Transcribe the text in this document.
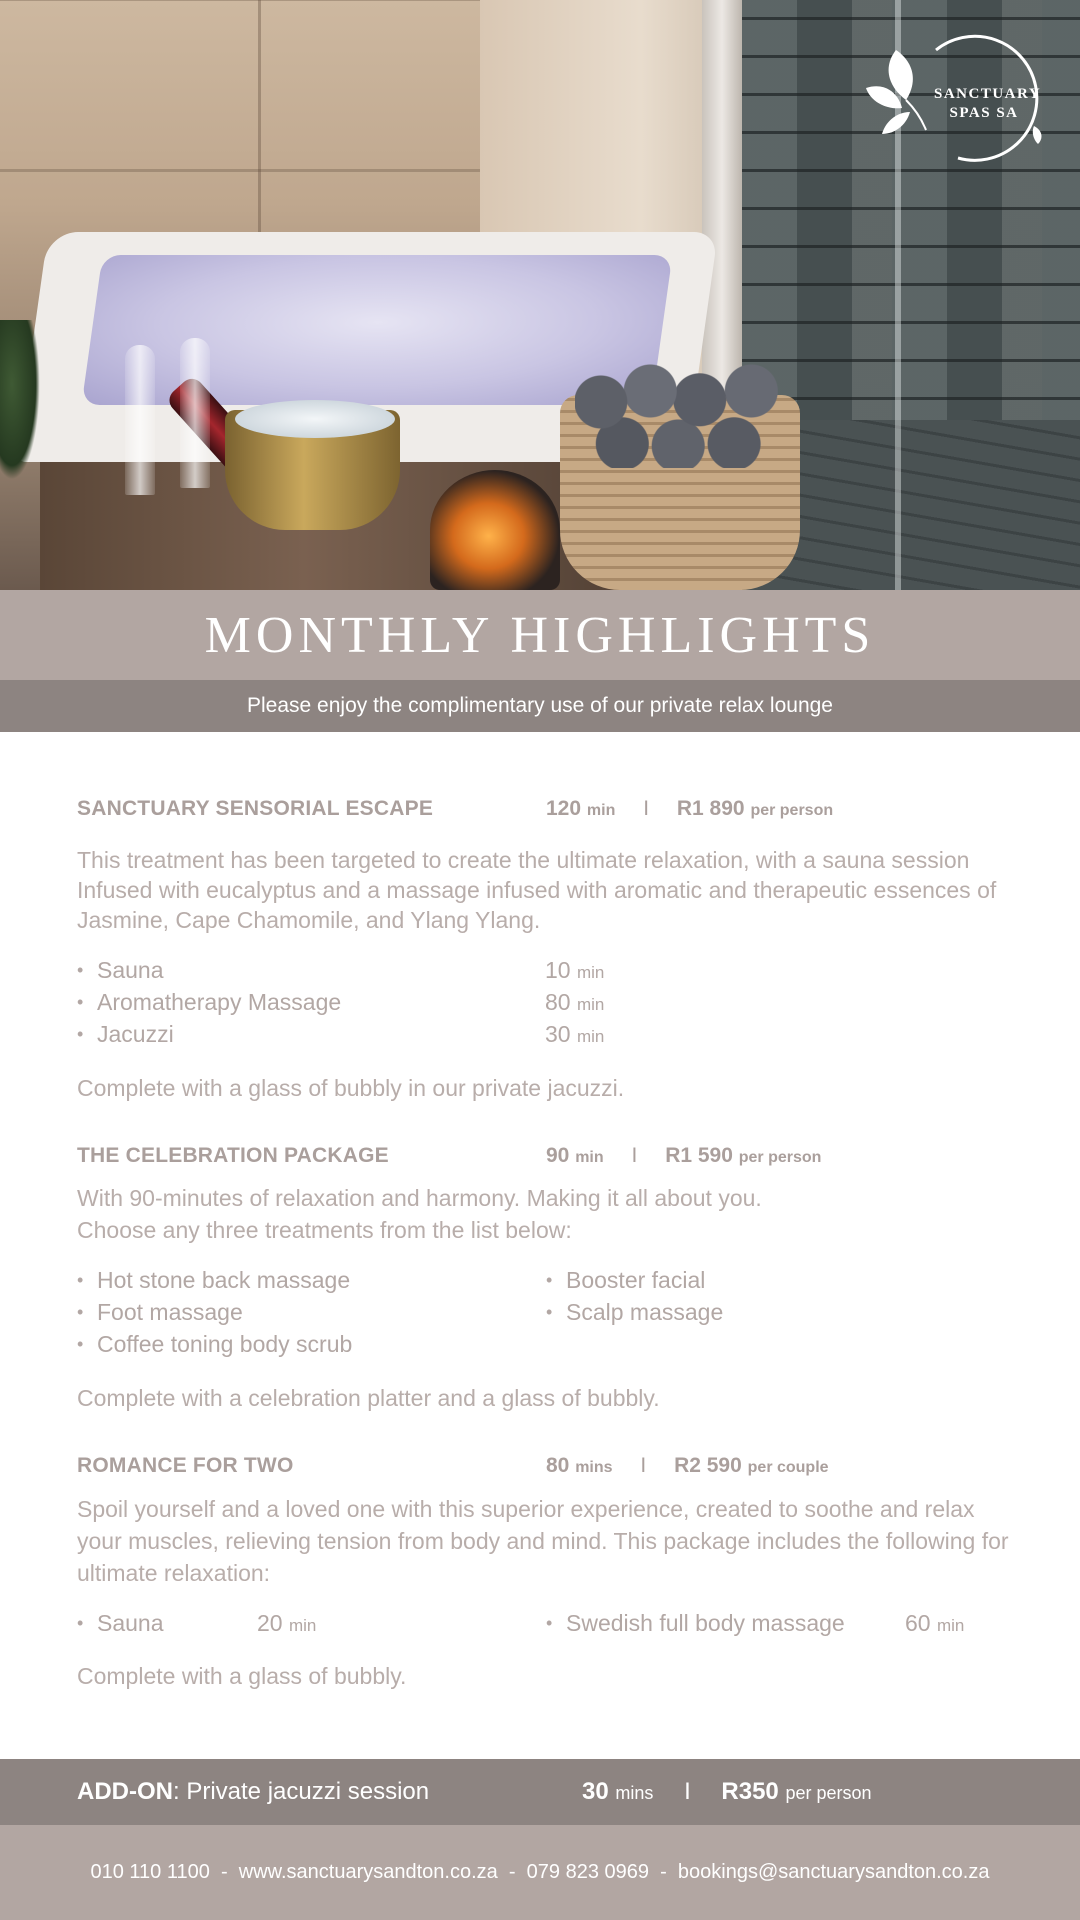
SANCTUARY
SPAS SA
MONTHLY HIGHLIGHTS

Please enjoy the complimentary use of our private relax lounge

SANCTUARY SENSORIAL ESCAPE	120 min I R1 890 per person

This treatment has been targeted to create the ultimate relaxation, with a sauna session Infused with eucalyptus and a massage infused with aromatic and therapeutic essences of Jasmine, Cape Chamomile, and Ylang Ylang.

• Sauna	10 min
• Aromatherapy Massage	80 min
• Jacuzzi	30 min

Complete with a glass of bubbly in our private jacuzzi.

THE CELEBRATION PACKAGE	90 min I R1 590 per person

With 90-minutes of relaxation and harmony. Making it all about you.

Choose any three treatments from the list below:

• Hot stone back massage
• Foot massage
• Coffee toning body scrub
• Booster facial
• Scalp massage

Complete with a celebration platter and a glass of bubbly.

ROMANCE FOR TWO	80 mins I R2 590 per couple

Spoil yourself and a loved one with this superior experience, created to soothe and relax your muscles, relieving tension from body and mind. This package includes the following for ultimate relaxation:

• Sauna	20 min	• Swedish full body massage	60 min

Complete with a glass of bubbly.

ADD-ON: Private jacuzzi session	30 mins I R350 per person

010 110 1100  -  www.sanctuarysandton.co.za  -  079 823 0969  -  bookings@sanctuarysandton.co.za
